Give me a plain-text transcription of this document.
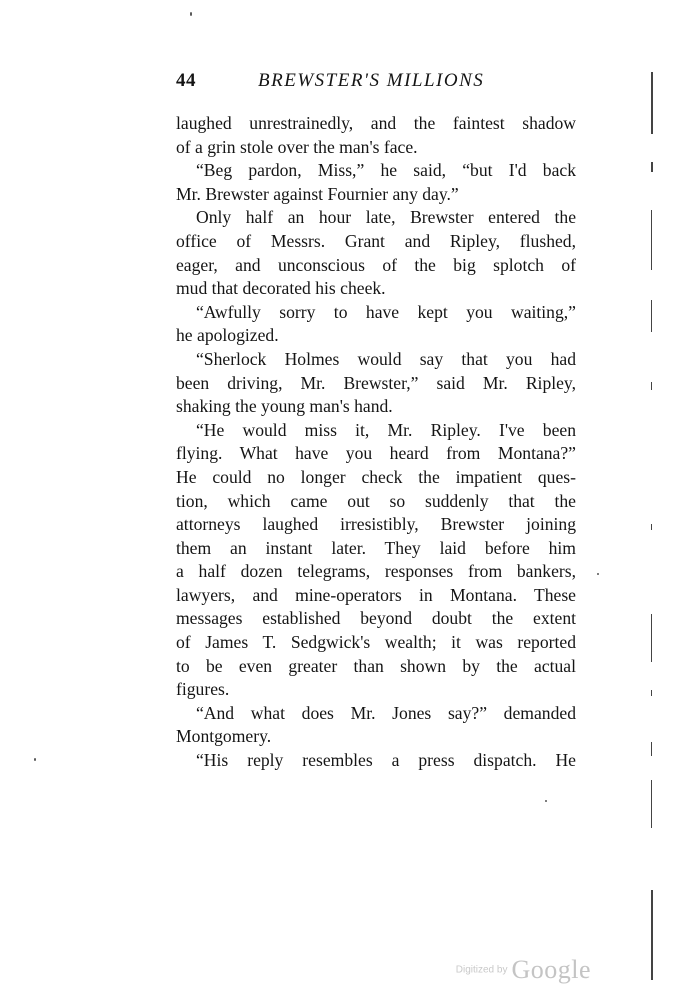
44	BREWSTER'S MILLIONS
laughed unrestrainedly, and the faintest shadow
of a grin stole over the man's face.
“Beg pardon, Miss,” he said, “but I'd back
Mr. Brewster against Fournier any day.”
Only half an hour late, Brewster entered the
office of Messrs. Grant and Ripley, flushed,
eager, and unconscious of the big splotch of
mud that decorated his cheek.
“Awfully sorry to have kept you waiting,”
he apologized.
“Sherlock Holmes would say that you had
been driving, Mr. Brewster,” said Mr. Ripley,
shaking the young man's hand.
“He would miss it, Mr. Ripley. I've been
flying. What have you heard from Montana?”
He could no longer check the impatient ques-
tion, which came out so suddenly that the
attorneys laughed irresistibly, Brewster joining
them an instant later. They laid before him
a half dozen telegrams, responses from bankers,
lawyers, and mine-operators in Montana. These
messages established beyond doubt the extent
of James T. Sedgwick's wealth; it was reported
to be even greater than shown by the actual
figures.
“And what does Mr. Jones say?” demanded
Montgomery.
“His reply resembles a press dispatch. He
Digitized by Google
